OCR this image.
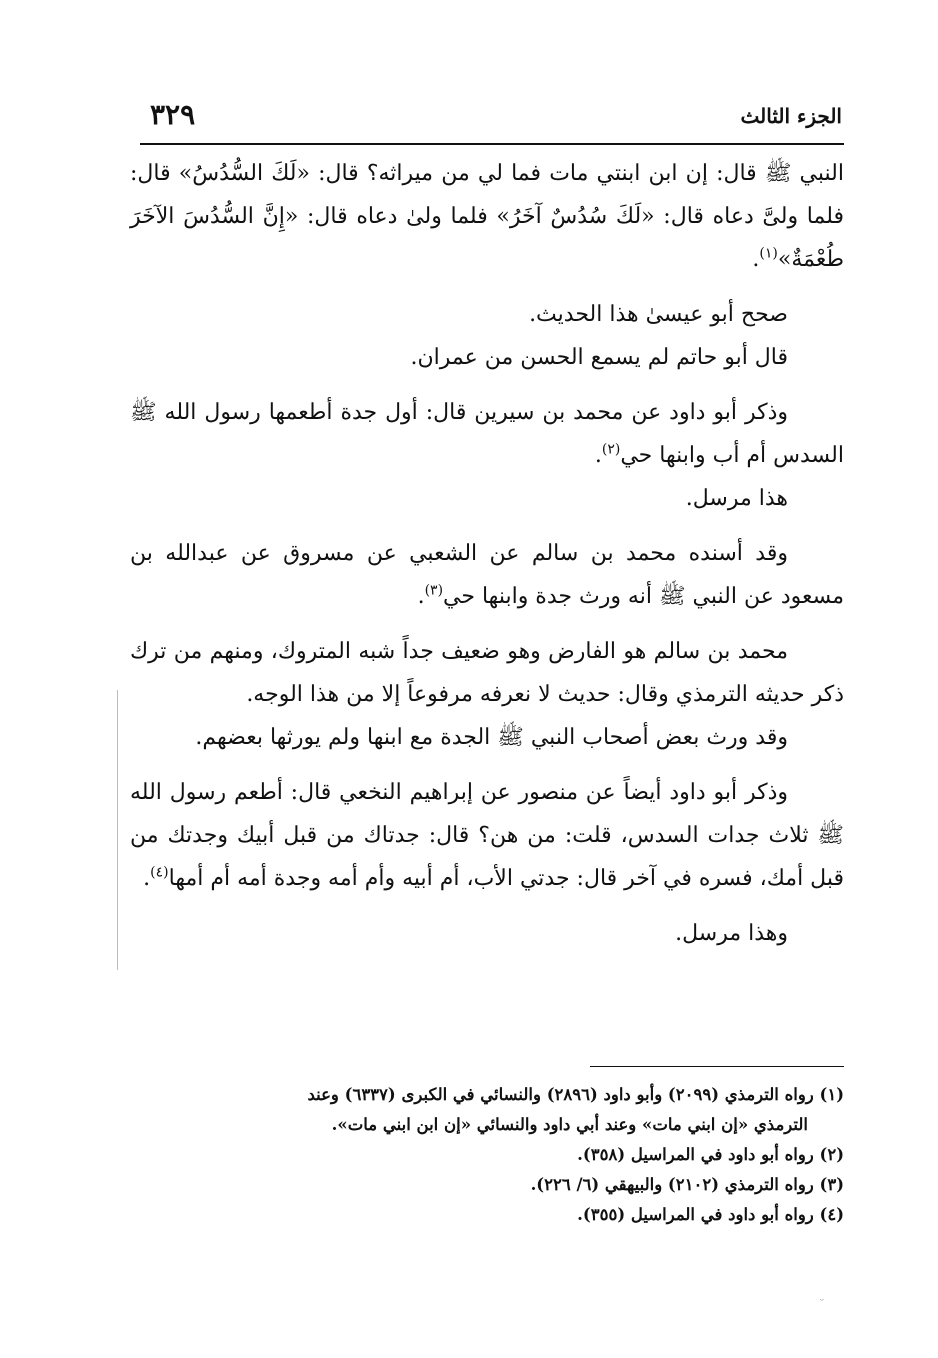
الجزء الثالث
٣٢٩

النبي ﷺ قال: إن ابن ابنتي مات فما لي من ميراثه؟ قال: «لَكَ السُّدُسُ» قال: فلما ولىَّ دعاه قال: «لَكَ سُدُسٌ آخَرُ» فلما ولىٰ دعاه قال: «إِنَّ السُّدُسَ الآخَرَ طُعْمَةٌ»$^{(١)}$.

صحح أبو عيسىٰ هذا الحديث.

قال أبو حاتم لم يسمع الحسن من عمران.

وذكر أبو داود عن محمد بن سيرين قال: أول جدة أطعمها رسول الله ﷺ السدس أم أب وابنها حي$^{(٢)}$.

هذا مرسل.

وقد أسنده محمد بن سالم عن الشعبي عن مسروق عن عبدالله بن مسعود عن النبي ﷺ أنه ورث جدة وابنها حي$^{(٣)}$.

محمد بن سالم هو الفارض وهو ضعيف جداً شبه المتروك، ومنهم من ترك ذكر حديثه الترمذي وقال: حديث لا نعرفه مرفوعاً إلا من هذا الوجه.

وقد ورث بعض أصحاب النبي ﷺ الجدة مع ابنها ولم يورثها بعضهم.

وذكر أبو داود أيضاً عن منصور عن إبراهيم النخعي قال: أطعم رسول الله ﷺ ثلاث جدات السدس، قلت: من هن؟ قال: جدتاك من قبل أبيك وجدتك من قبل أمك، فسره في آخر قال: جدتي الأب، أم أبيه وأم أمه وجدة أمه أم أمها$^{(٤)}$.

وهذا مرسل.

(١) رواه الترمذي (٢٠٩٩) وأبو داود (٢٨٩٦) والنسائي في الكبرى (٦٣٣٧) وعند

الترمذي «إن ابني مات» وعند أبي داود والنسائي «إن ابن ابني مات».

(٢) رواه أبو داود في المراسيل (٣٥٨).

(٣) رواه الترمذي (٢١٠٢) والبيهقي (٦/ ٢٢٦).

(٤) رواه أبو داود في المراسيل (٣٥٥).

ᵕ
